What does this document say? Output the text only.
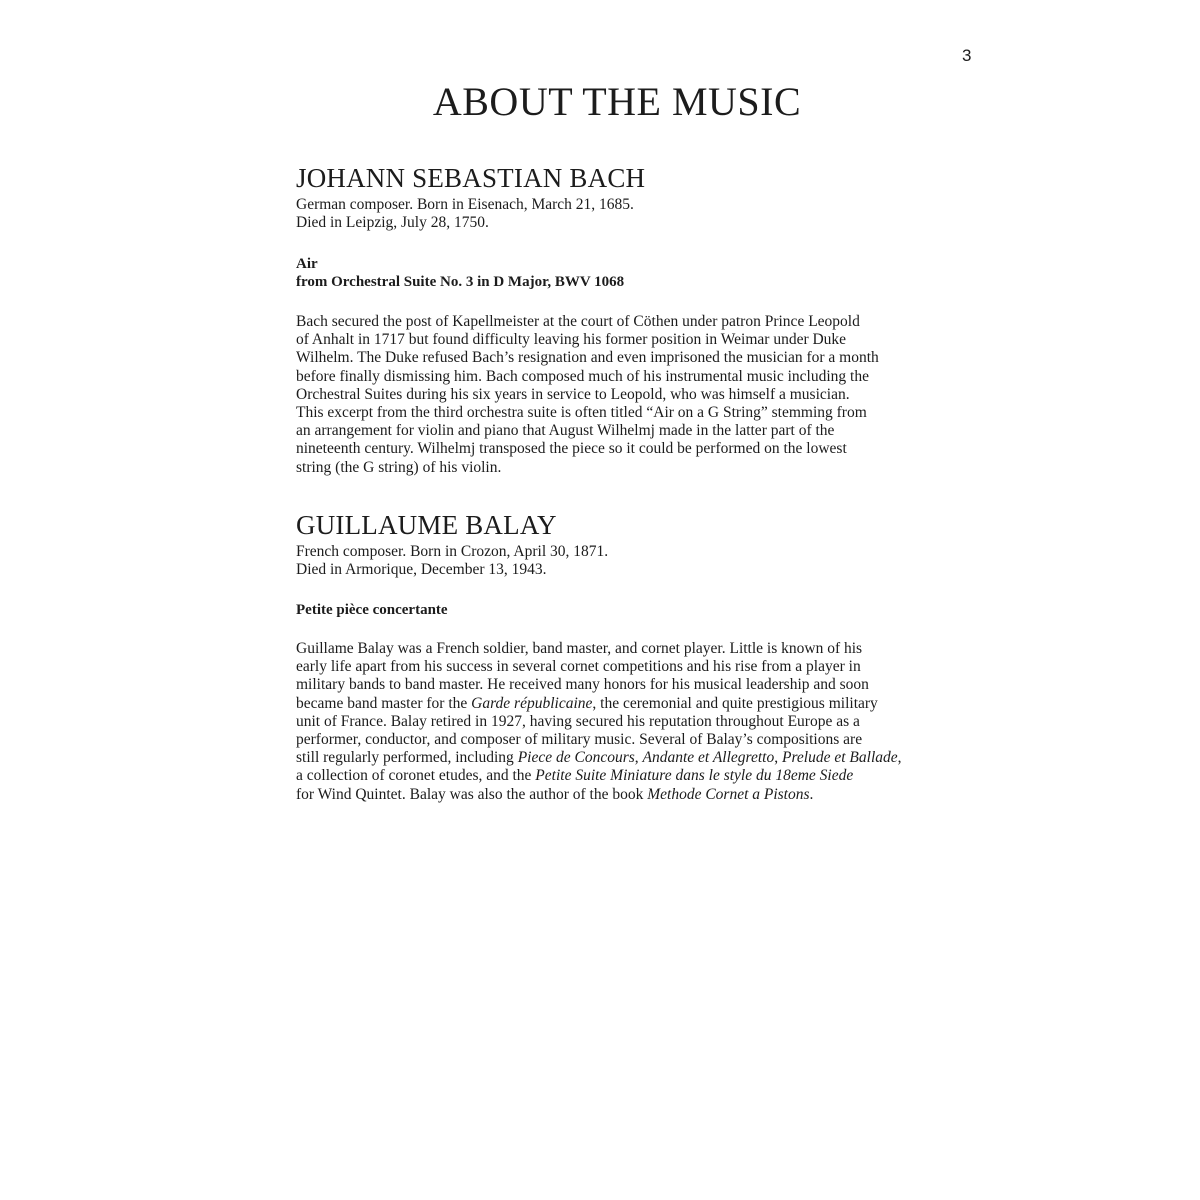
3
ABOUT THE MUSIC
JOHANN SEBASTIAN BACH

German composer. Born in Eisenach, March 21, 1685.
Died in Leipzig, July 28, 1750.

Air
from Orchestral Suite No. 3 in D Major, BWV 1068

Bach secured the post of Kapellmeister at the court of Cöthen under patron Prince Leopold
of Anhalt in 1717 but found difficulty leaving his former position in Weimar under Duke
Wilhelm. The Duke refused Bach’s resignation and even imprisoned the musician for a month
before finally dismissing him. Bach composed much of his instrumental music including the
Orchestral Suites during his six years in service to Leopold, who was himself a musician.
This excerpt from the third orchestra suite is often titled “Air on a G String” stemming from
an arrangement for violin and piano that August Wilhelmj made in the latter part of the
nineteenth century. Wilhelmj transposed the piece so it could be performed on the lowest
string (the G string) of his violin.

GUILLAUME BALAY

French composer. Born in Crozon, April 30, 1871.
Died in Armorique, December 13, 1943.

Petite pièce concertante

Guillame Balay was a French soldier, band master, and cornet player. Little is known of his
early life apart from his success in several cornet competitions and his rise from a player in
military bands to band master. He received many honors for his musical leadership and soon
became band master for the Garde républicaine, the ceremonial and quite prestigious military
unit of France. Balay retired in 1927, having secured his reputation throughout Europe as a
performer, conductor, and composer of military music. Several of Balay’s compositions are
still regularly performed, including Piece de Concours, Andante et Allegretto, Prelude et Ballade,
a collection of coronet etudes, and the Petite Suite Miniature dans le style du 18eme Siede
for Wind Quintet. Balay was also the author of the book Methode Cornet a Pistons.
